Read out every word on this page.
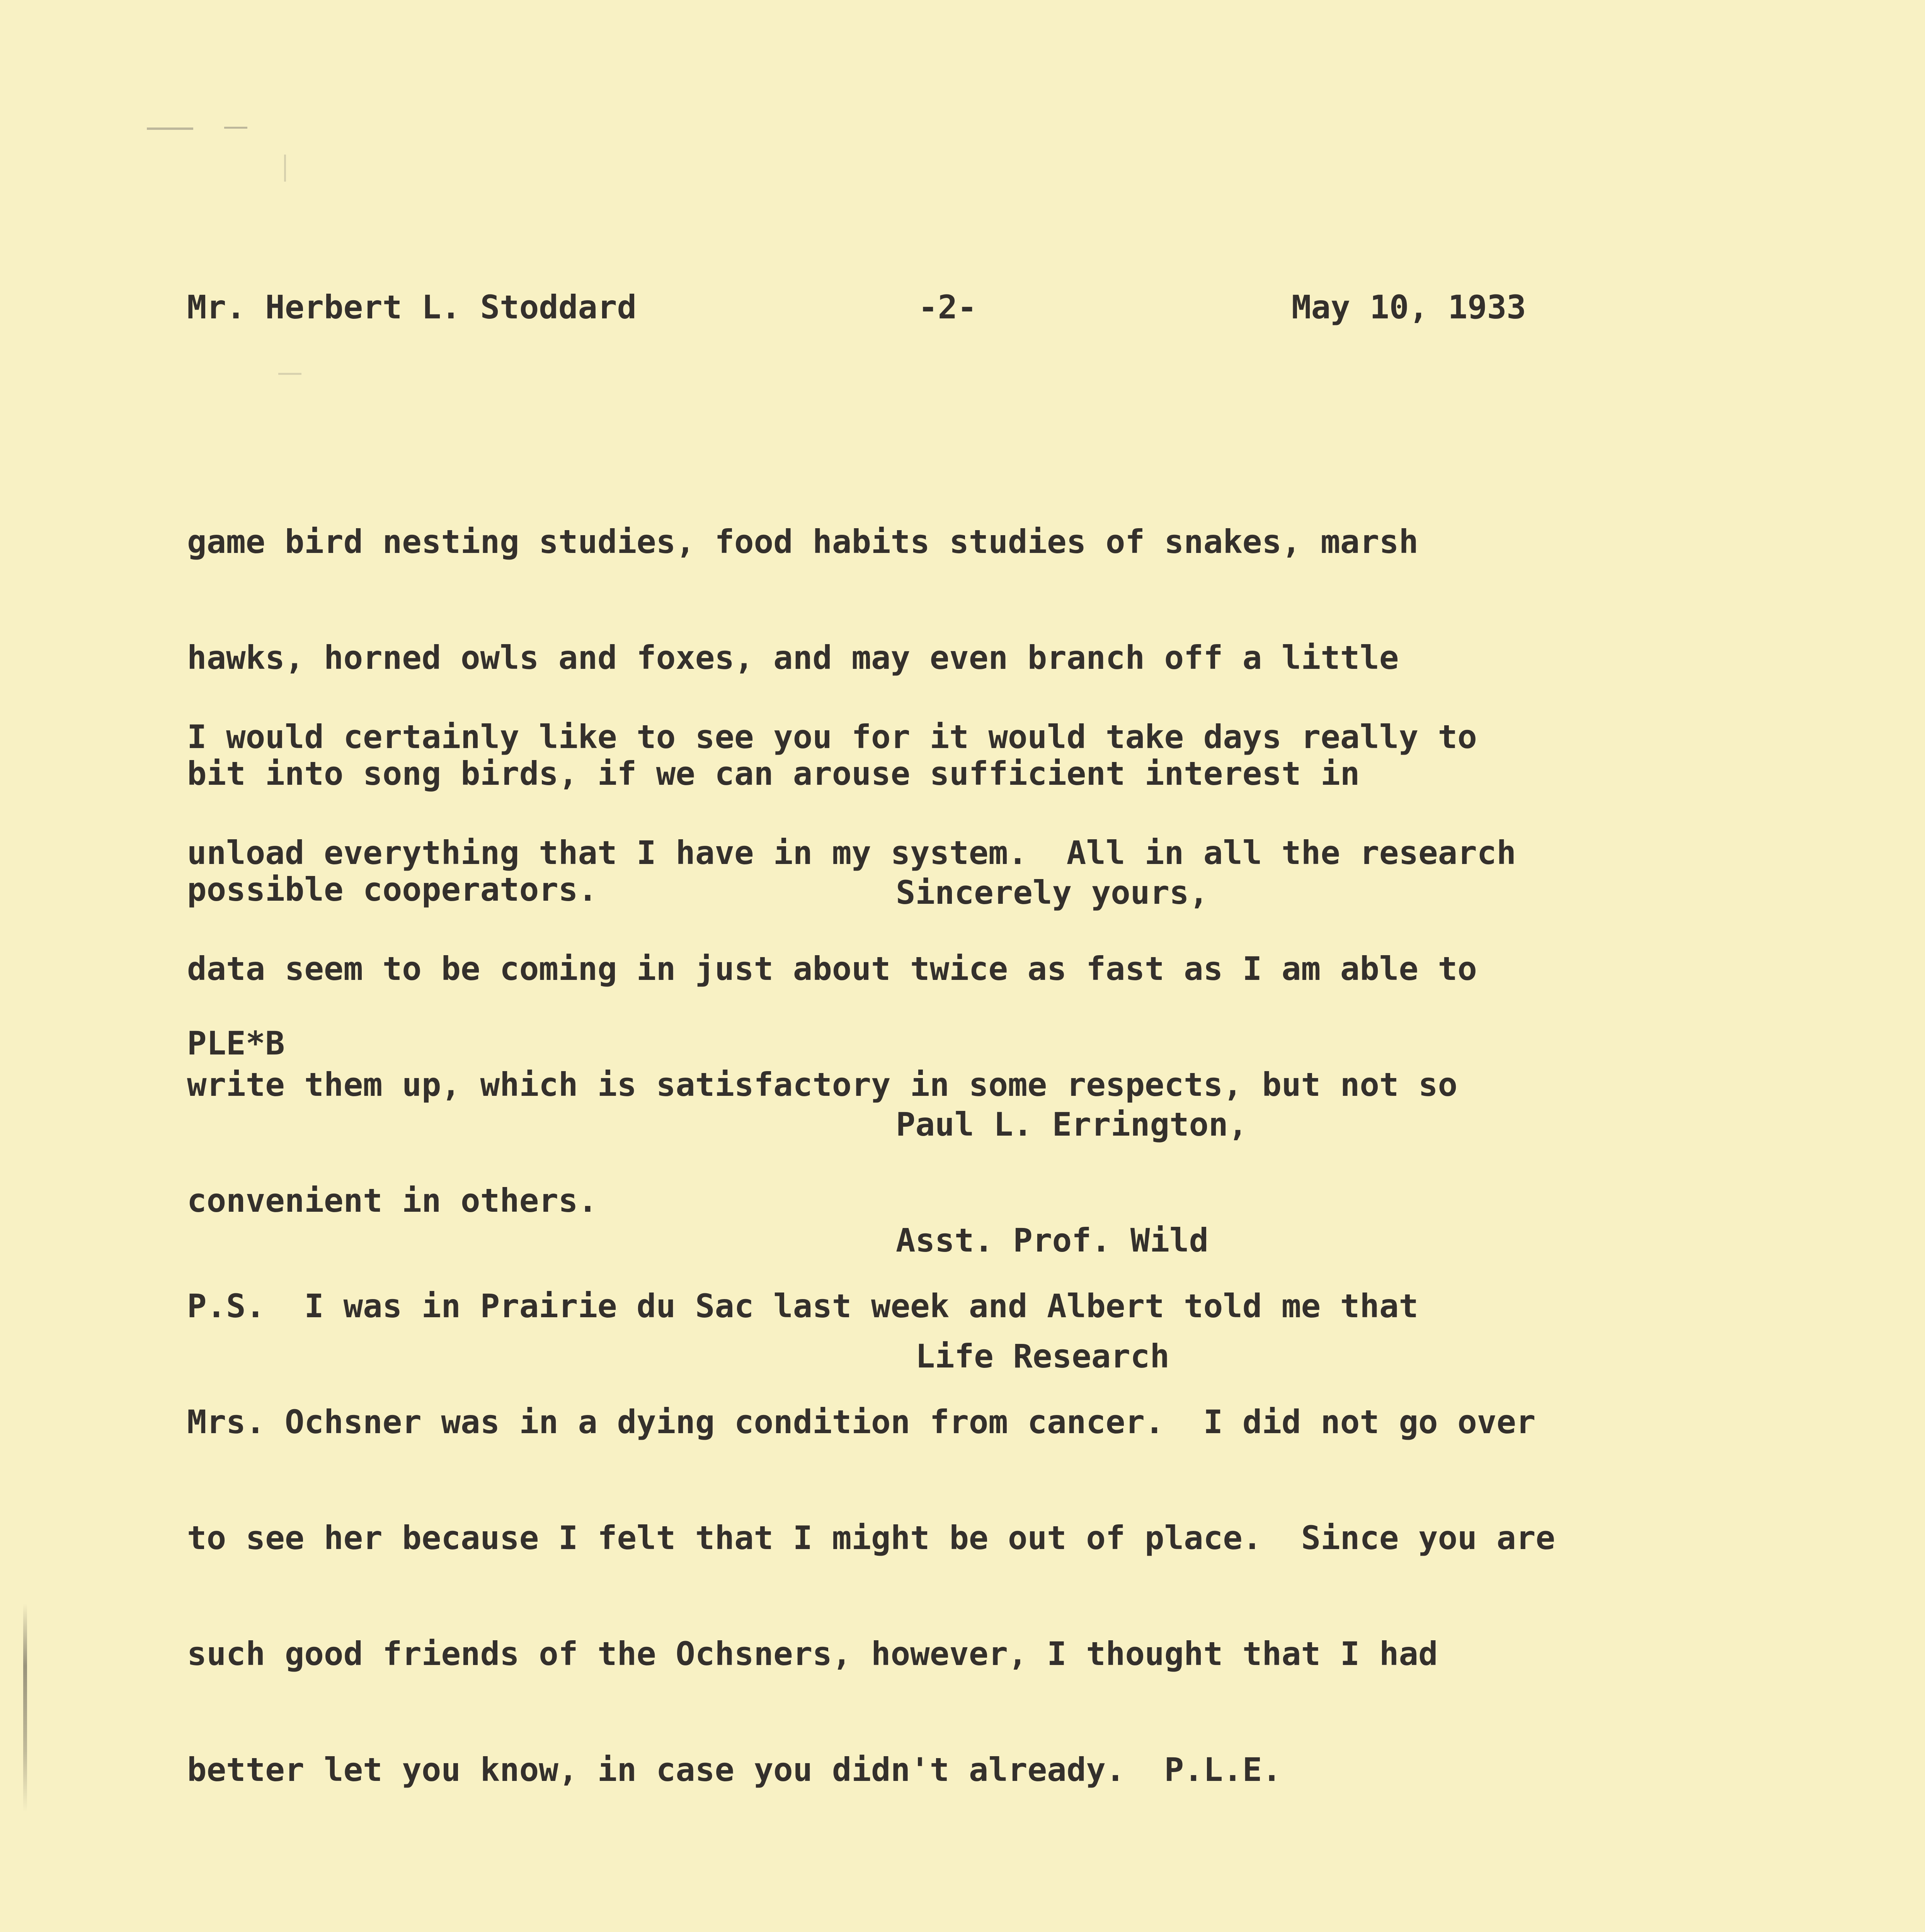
Mr. Herbert L. Stoddard	-2-	May 10, 1933

game bird nesting studies, food habits studies of snakes, marsh

hawks, horned owls and foxes, and may even branch off a little

bit into song birds, if we can arouse sufficient interest in

possible cooperators.

I would certainly like to see you for it would take days really to

unload everything that I have in my system.  All in all the research

data seem to be coming in just about twice as fast as I am able to

write them up, which is satisfactory in some respects, but not so

convenient in others.

Sincerely yours,
PLE*B

Paul L. Errington,

Asst. Prof. Wild

Life Research

P.S.  I was in Prairie du Sac last week and Albert told me that

Mrs. Ochsner was in a dying condition from cancer.  I did not go over

to see her because I felt that I might be out of place.  Since you are

such good friends of the Ochsners, however, I thought that I had

better let you know, in case you didn't already.  P.L.E.
